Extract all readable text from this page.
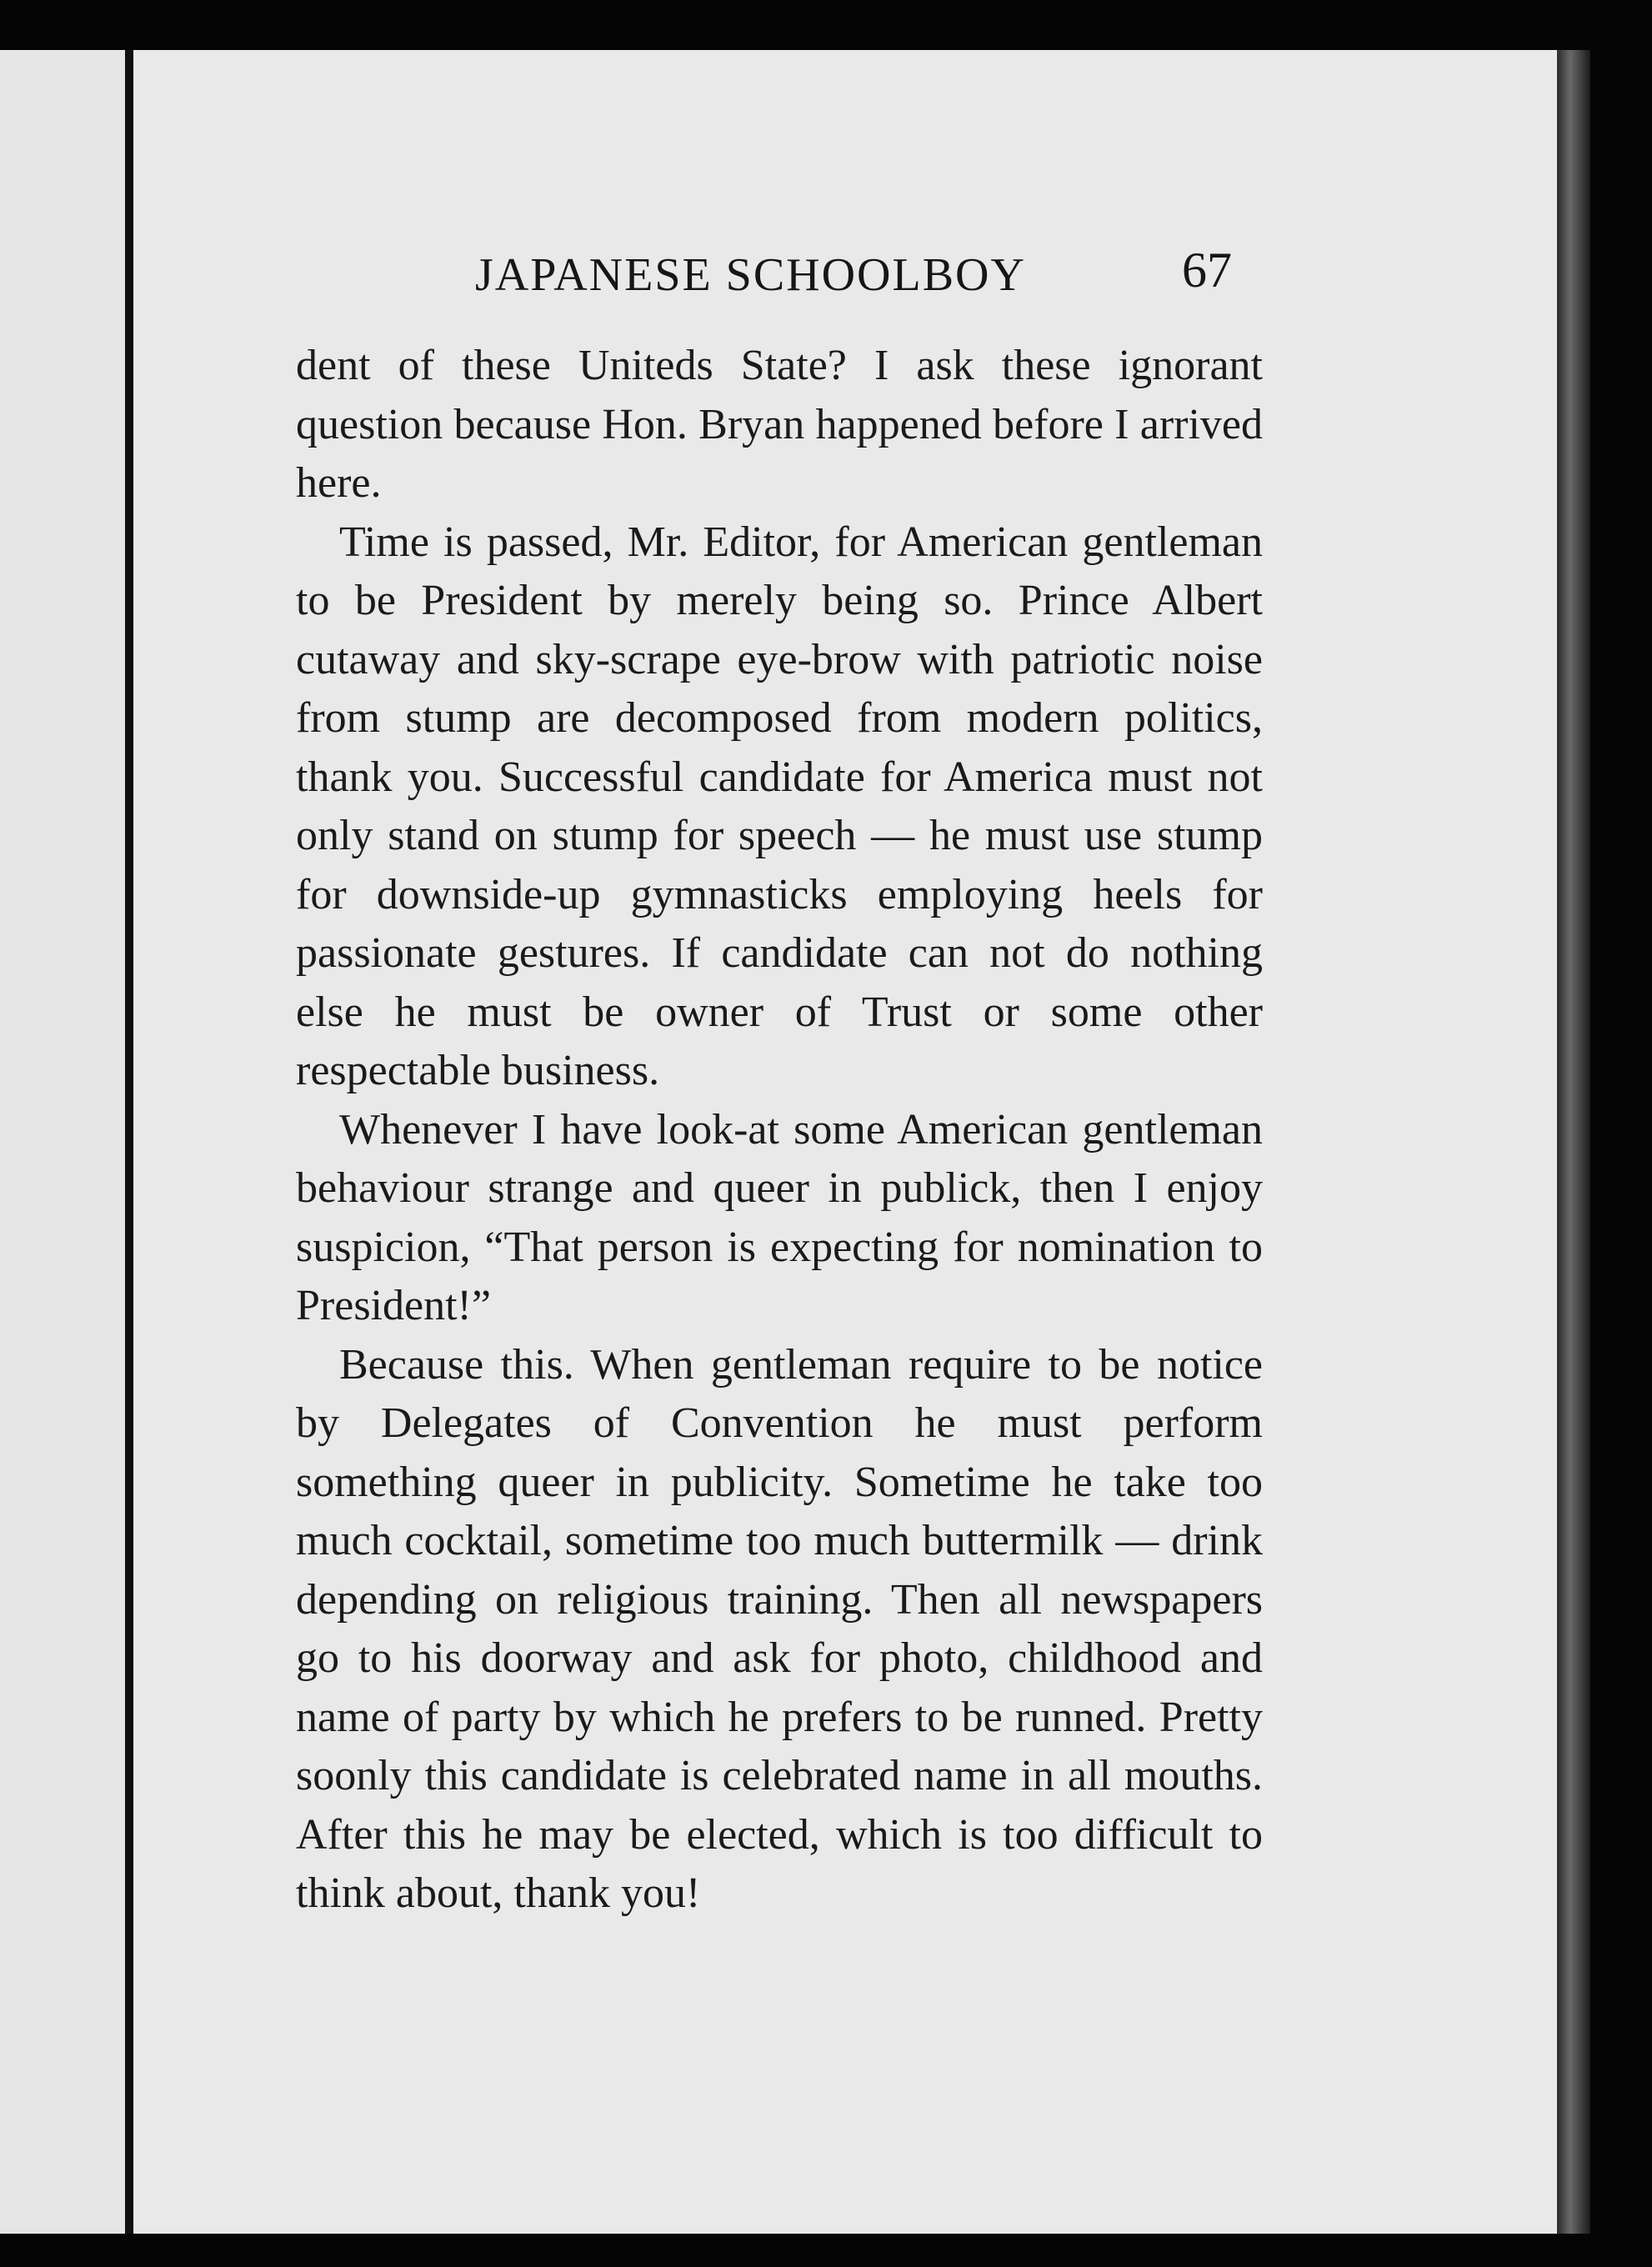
JAPANESE SCHOOLBOY	67

dent of these Uniteds State? I ask these ignorant question because Hon. Bryan happened before I arrived here.

Time is passed, Mr. Editor, for American gentleman to be President by merely being so. Prince Albert cutaway and sky-scrape eye-brow with patriotic noise from stump are decomposed from modern politics, thank you. Successful candidate for America must not only stand on stump for speech — he must use stump for downside-up gymnasticks employing heels for passionate gestures. If candidate can not do nothing else he must be owner of Trust or some other respectable business.

Whenever I have look-at some American gentleman behaviour strange and queer in publick, then I enjoy suspicion, “That person is expecting for nomination to President!”

Because this. When gentleman require to be notice by Delegates of Convention he must perform something queer in publicity. Sometime he take too much cocktail, sometime too much buttermilk — drink depending on religious training. Then all newspapers go to his doorway and ask for photo, childhood and name of party by which he prefers to be runned. Pretty soonly this candidate is celebrated name in all mouths. After this he may be elected, which is too difficult to think about, thank you!
